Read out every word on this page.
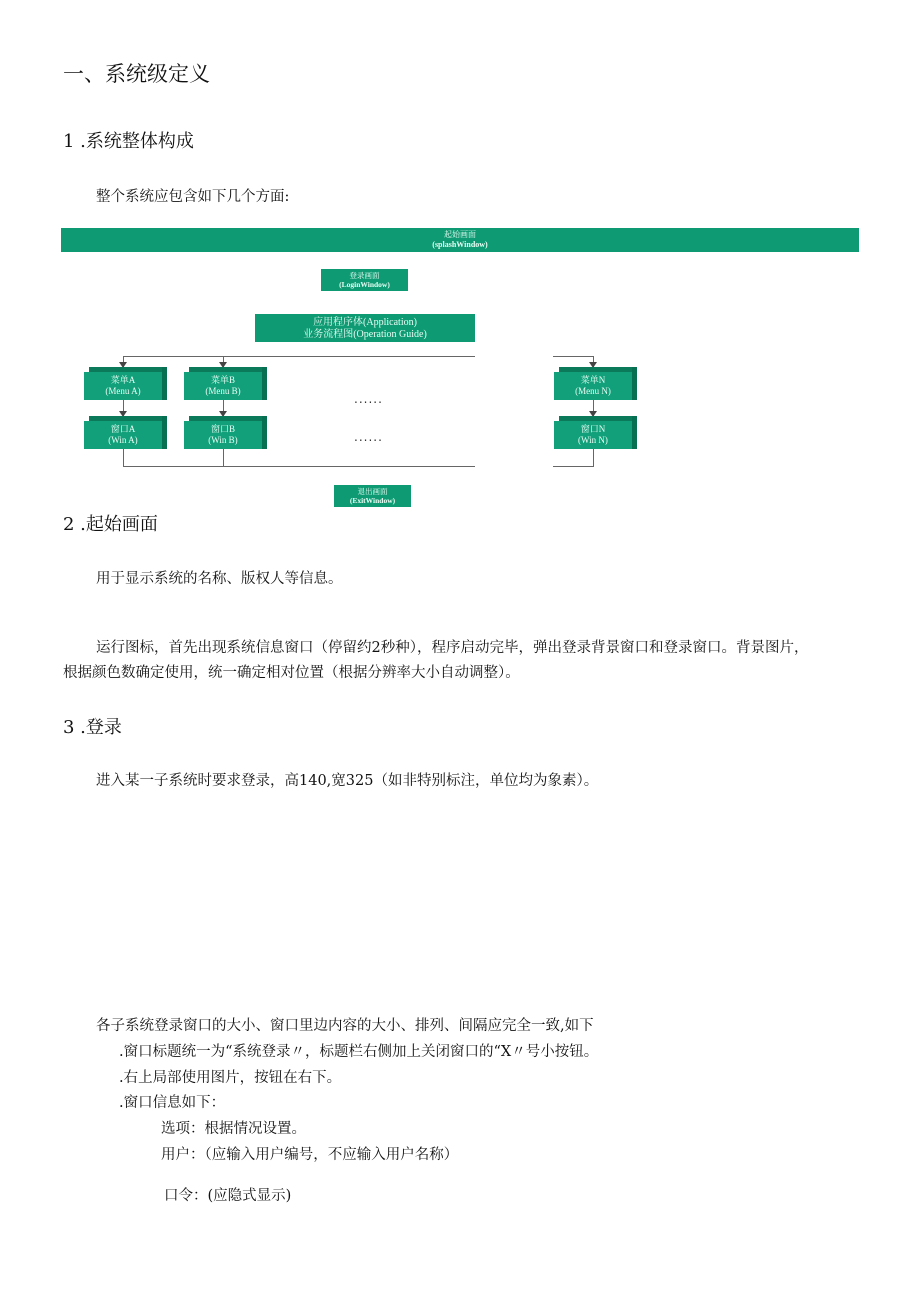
一、系统级定义
1 .系统整体构成
整个系统应包含如下几个方面:
起始画面
(splashWindow)
登录画面
(LoginWindow)
应用程序体(Application)
业务流程图(Operation Guide)
菜单A
(Menu A)
菜单B
(Menu B)
菜单N
(Menu N)
窗口A
(Win A)
窗口B
(Win B)
窗口N
(Win N)
......
......
退出画面
(ExitWindow)
2 .起始画面
用于显示系统的名称、版权人等信息。
运行图标，首先出现系统信息窗口（停留约2秒种），程序启动完毕，弹出登录背景窗口和登录窗口。背景图片，
根据颜色数确定使用，统一确定相对位置（根据分辨率大小自动调整）。
3 .登录
进入某一子系统时要求登录，高140,宽325（如非特别标注，单位均为象素）。
各子系统登录窗口的大小、窗口里边内容的大小、排列、间隔应完全一致,如下
.窗口标题统一为“系统登录〃，标题栏右侧加上关闭窗口的“X〃号小按钮。
.右上局部使用图片，按钮在右下。
.窗口信息如下：
选项：根据情况设置。
用户：（应输入用户编号，不应输入用户名称）
口令：(应隐式显示)
